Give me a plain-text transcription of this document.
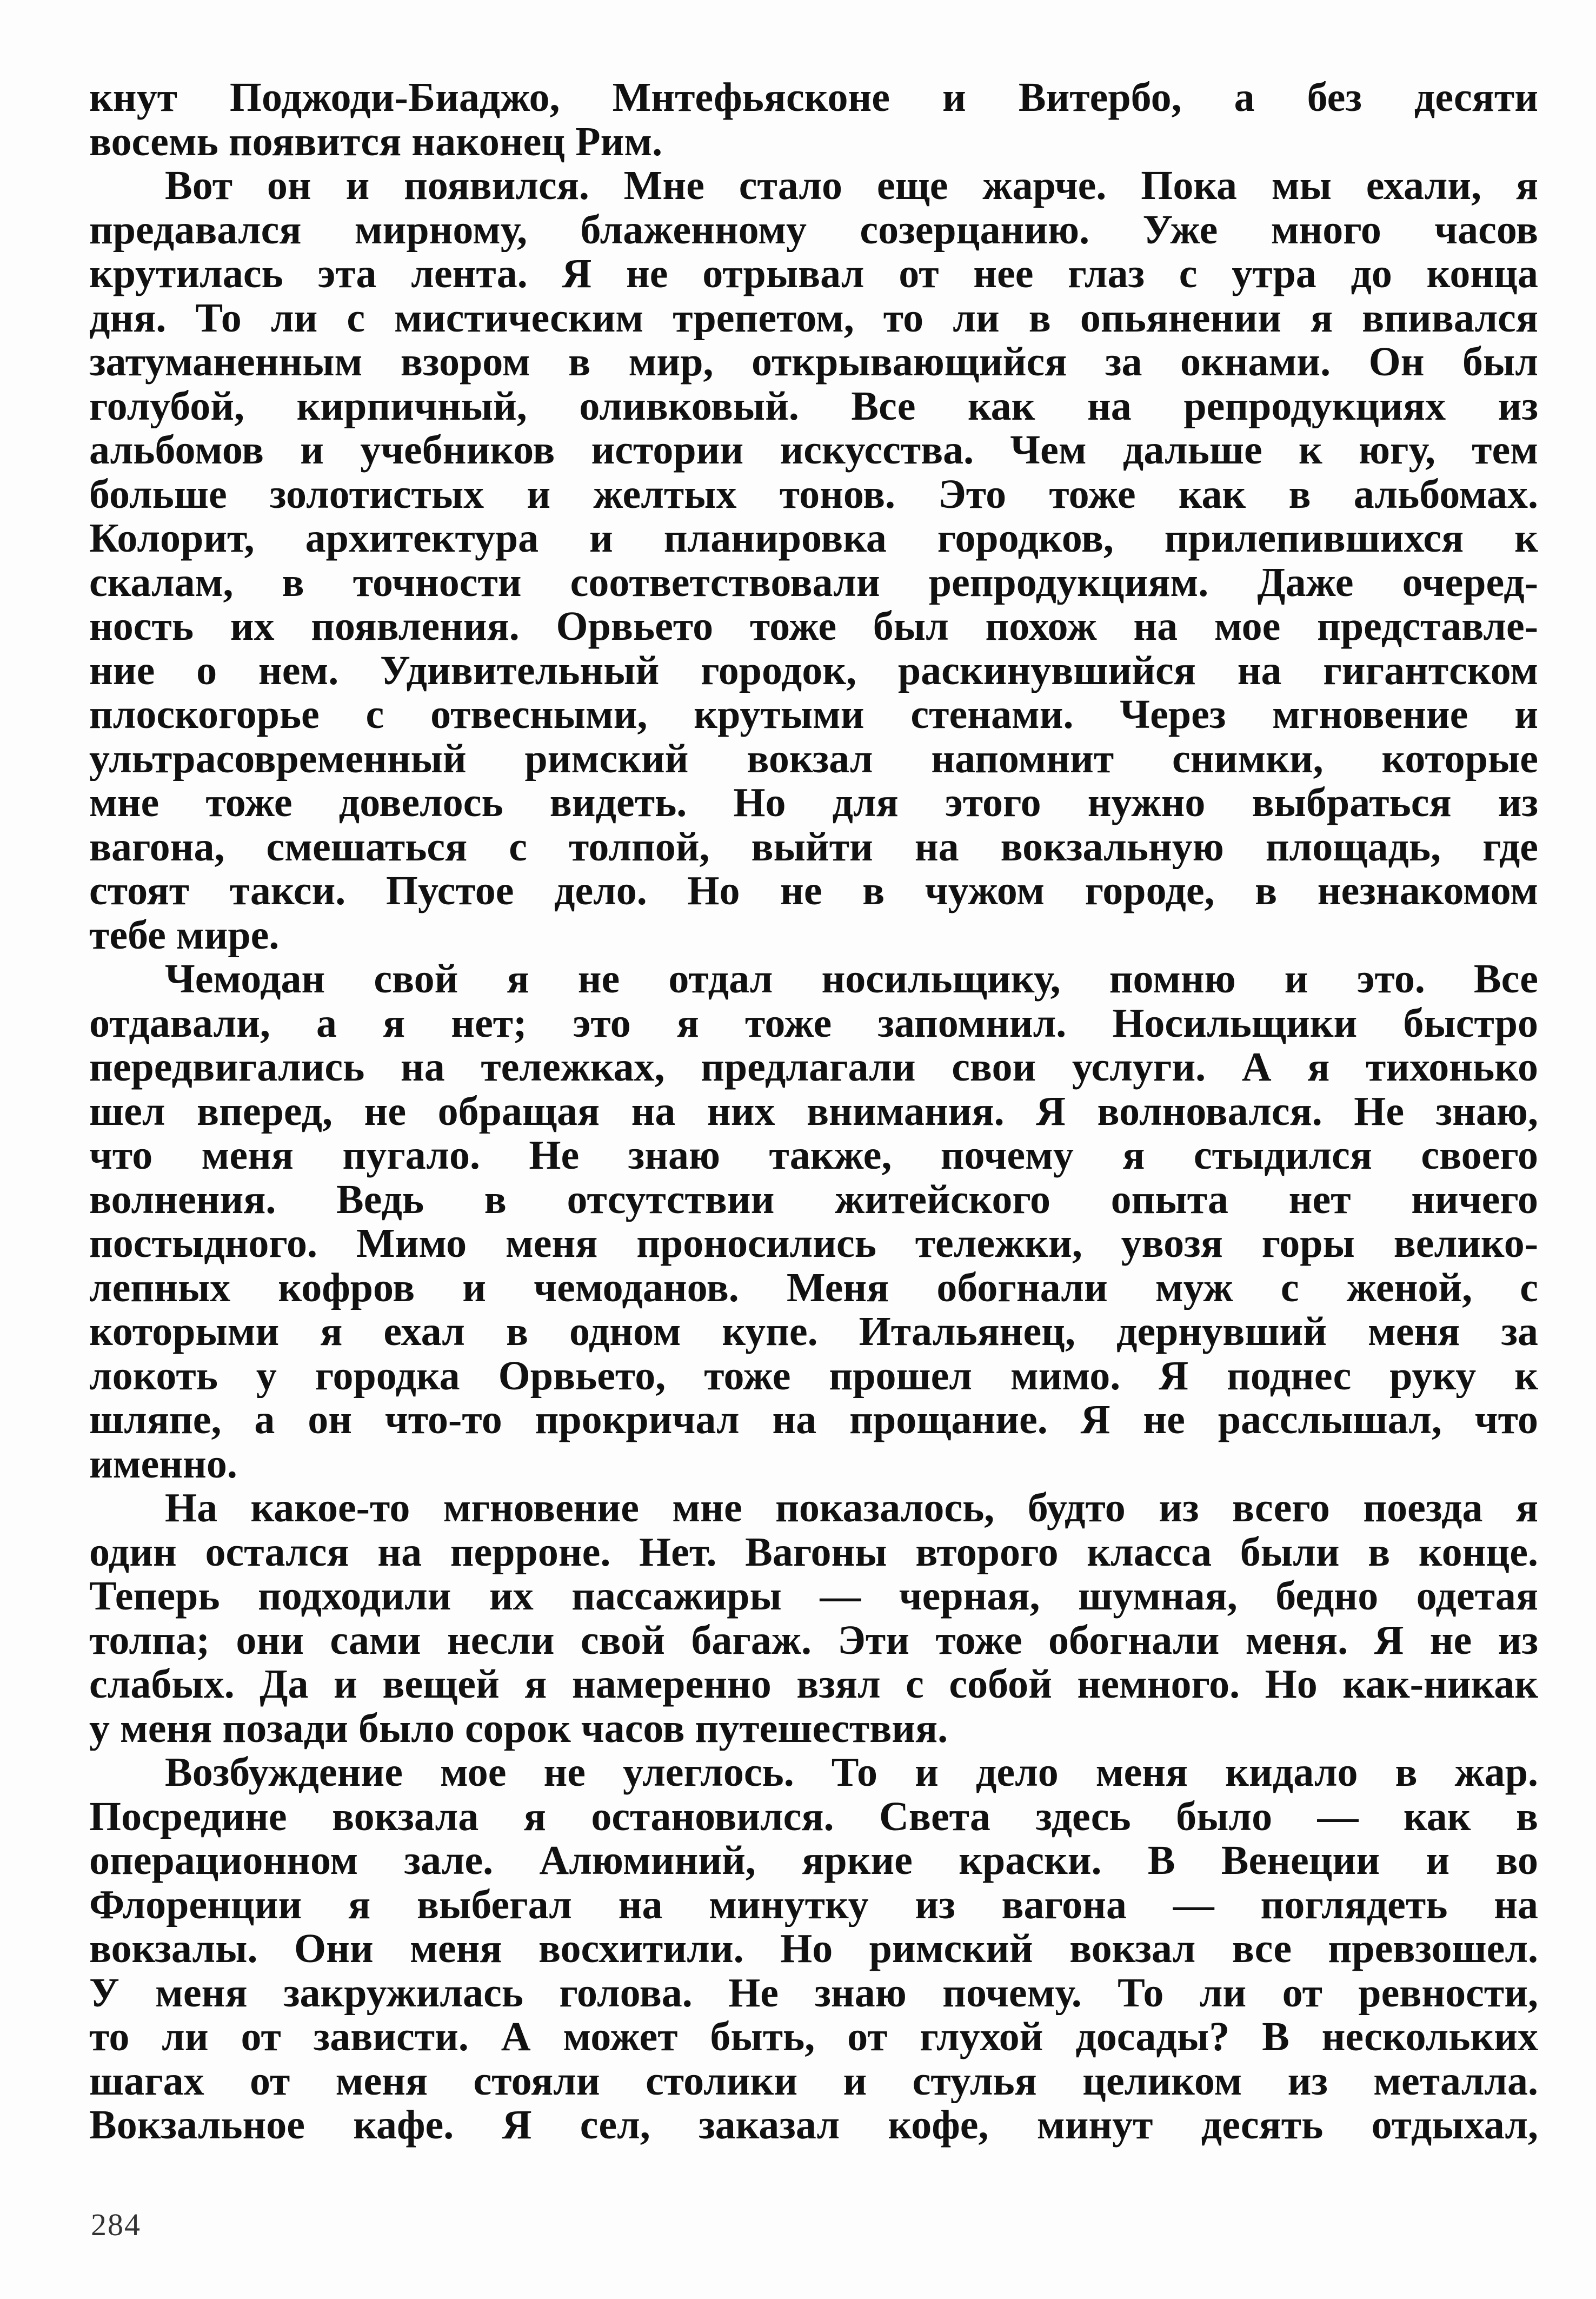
кнут Поджоди-Биаджо, Мнтефьясконе и Витербо, а без десяти
восемь появится наконец Рим.
Вот он и появился. Мне стало еще жарче. Пока мы ехали, я
предавался мирному, блаженному созерцанию. Уже много часов
крутилась эта лента. Я не отрывал от нее глаз с утра до конца
дня. То ли с мистическим трепетом, то ли в опьянении я впивался
затуманенным взором в мир, открывающийся за окнами. Он был
голубой, кирпичный, оливковый. Все как на репродукциях из
альбомов и учебников истории искусства. Чем дальше к югу, тем
больше золотистых и желтых тонов. Это тоже как в альбомах.
Колорит, архитектура и планировка городков, прилепившихся к
скалам, в точности соответствовали репродукциям. Даже очеред-
ность их появления. Орвьето тоже был похож на мое представле-
ние о нем. Удивительный городок, раскинувшийся на гигантском
плоскогорье с отвесными, крутыми стенами. Через мгновение и
ультрасовременный римский вокзал напомнит снимки, которые
мне тоже довелось видеть. Но для этого нужно выбраться из
вагона, смешаться с толпой, выйти на вокзальную площадь, где
стоят такси. Пустое дело. Но не в чужом городе, в незнакомом
тебе мире.
Чемодан свой я не отдал носильщику, помню и это. Все
отдавали, а я нет; это я тоже запомнил. Носильщики быстро
передвигались на тележках, предлагали свои услуги. А я тихонько
шел вперед, не обращая на них внимания. Я волновался. Не знаю,
что меня пугало. Не знаю также, почему я стыдился своего
волнения. Ведь в отсутствии житейского опыта нет ничего
постыдного. Мимо меня проносились тележки, увозя горы велико-
лепных кофров и чемоданов. Меня обогнали муж с женой, с
которыми я ехал в одном купе. Итальянец, дернувший меня за
локоть у городка Орвьето, тоже прошел мимо. Я поднес руку к
шляпе, а он что-то прокричал на прощание. Я не расслышал, что
именно.
На какое-то мгновение мне показалось, будто из всего поезда я
один остался на перроне. Нет. Вагоны второго класса были в конце.
Теперь подходили их пассажиры — черная, шумная, бедно одетая
толпа; они сами несли свой багаж. Эти тоже обогнали меня. Я не из
слабых. Да и вещей я намеренно взял с собой немного. Но как-никак
у меня позади было сорок часов путешествия.
Возбуждение мое не улеглось. То и дело меня кидало в жар.
Посредине вокзала я остановился. Света здесь было — как в
операционном зале. Алюминий, яркие краски. В Венеции и во
Флоренции я выбегал на минутку из вагона — поглядеть на
вокзалы. Они меня восхитили. Но римский вокзал все превзошел.
У меня закружилась голова. Не знаю почему. То ли от ревности,
то ли от зависти. А может быть, от глухой досады? В нескольких
шагах от меня стояли столики и стулья целиком из металла.
Вокзальное кафе. Я сел, заказал кофе, минут десять отдыхал,
284
